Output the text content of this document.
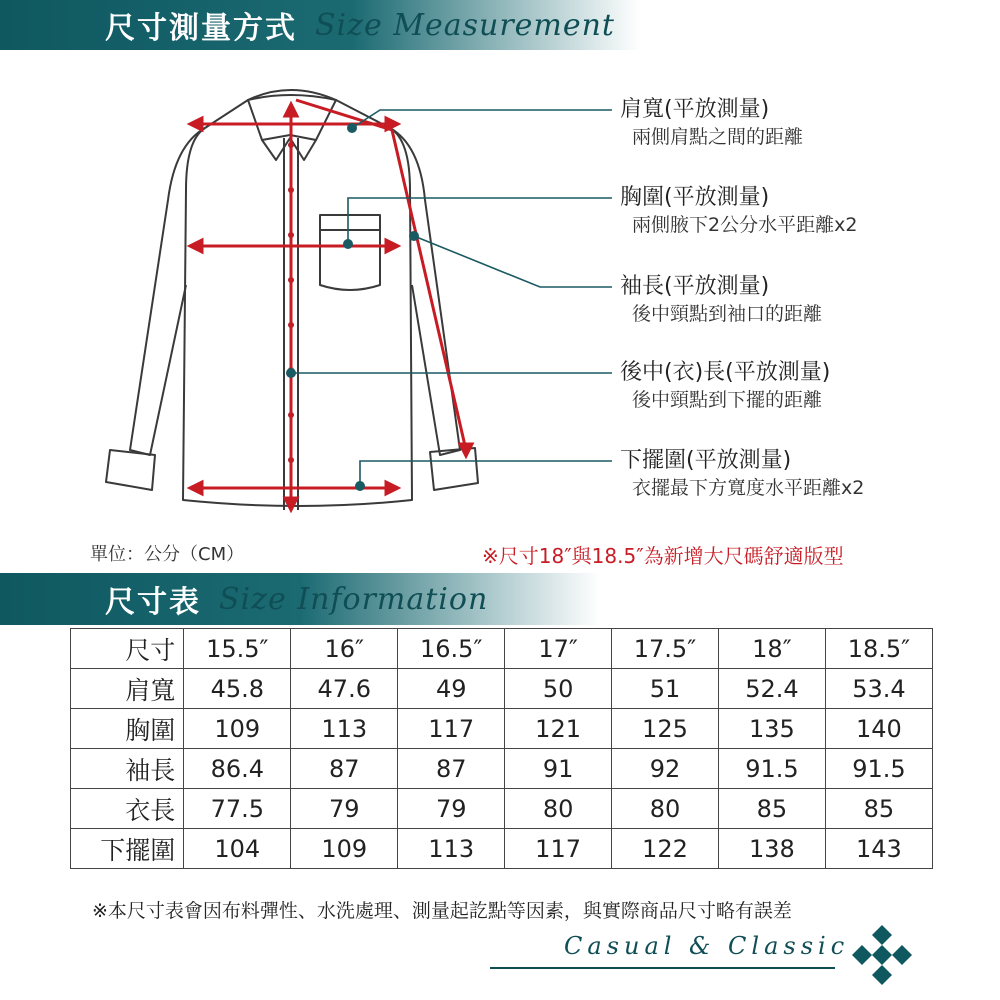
尺寸測量方式 Size Measurement
肩寬(平放測量)
兩側肩點之間的距離
胸圍(平放測量)
兩側腋下2公分水平距離x2
袖長(平放測量)
後中頸點到袖口的距離
後中(衣)長(平放測量)
後中頸點到下擺的距離
下擺圍(平放測量)
衣擺最下方寬度水平距離x2
單位：公分（CM）	※尺寸18″與18.5″為新增大尺碼舒適版型
尺寸表 Size Information
尺寸	15.5″	16″	16.5″	17″	17.5″	18″	18.5″
肩寬	45.8	47.6	49	50	51	52.4	53.4
胸圍	109	113	117	121	125	135	140
袖長	86.4	87	87	91	92	91.5	91.5
衣長	77.5	79	79	80	80	85	85
下擺圍	104	109	113	117	122	138	143
※本尺寸表會因布料彈性、水洗處理、測量起訖點等因素，與實際商品尺寸略有誤差
Casual & Classic
